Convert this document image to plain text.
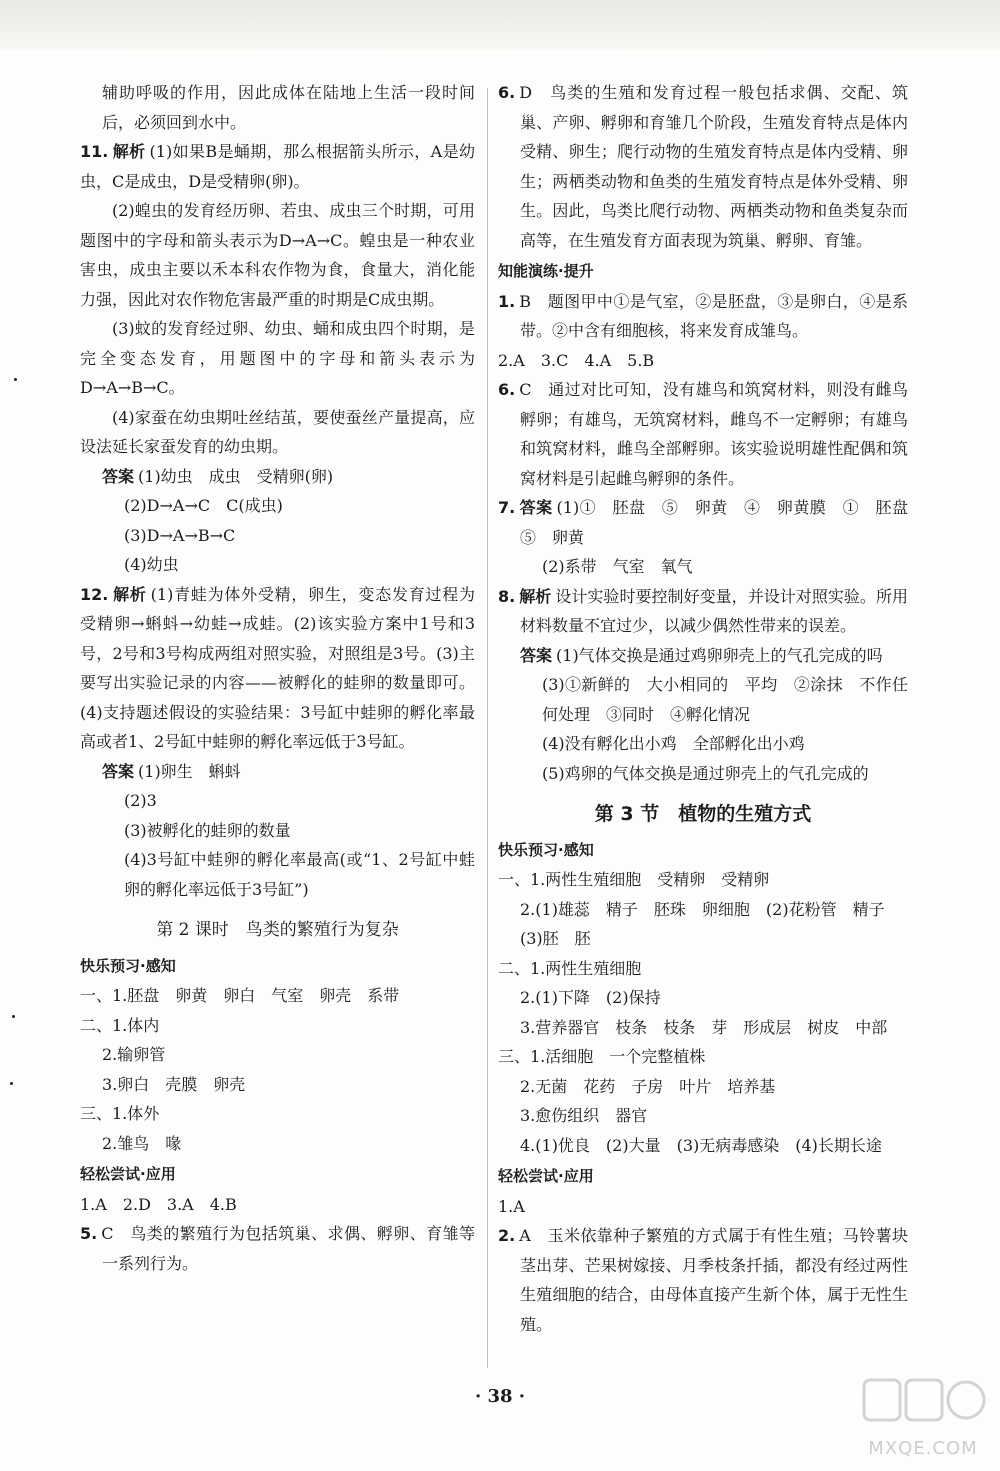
辅助呼吸的作用，因此成体在陆地上生活一段时间后，必须回到水中。

11. 解析 (1)如果B是蛹期，那么根据箭头所示，A是幼虫，C是成虫，D是受精卵(卵)。

(2)蝗虫的发育经历卵、若虫、成虫三个时期，可用题图中的字母和箭头表示为D→A→C。蝗虫是一种农业害虫，成虫主要以禾本科农作物为食，食量大，消化能力强，因此对农作物危害最严重的时期是C成虫期。

(3)蚊的发育经过卵、幼虫、蛹和成虫四个时期，是完全变态发育，用题图中的字母和箭头表示为D→A→B→C。

(4)家蚕在幼虫期吐丝结茧，要使蚕丝产量提高，应设法延长家蚕发育的幼虫期。

答案 (1)幼虫　成虫　受精卵(卵)

(2)D→A→C　C(成虫)

(3)D→A→B→C

(4)幼虫

12. 解析 (1)青蛙为体外受精，卵生，变态发育过程为受精卵→蝌蚪→幼蛙→成蛙。(2)该实验方案中1号和3号，2号和3号构成两组对照实验，对照组是3号。(3)主要写出实验记录的内容——被孵化的蛙卵的数量即可。(4)支持题述假设的实验结果：3号缸中蛙卵的孵化率最高或者1、2号缸中蛙卵的孵化率远低于3号缸。

答案 (1)卵生　蝌蚪

(2)3

(3)被孵化的蛙卵的数量

(4)3号缸中蛙卵的孵化率最高(或“1、2号缸中蛙卵的孵化率远低于3号缸”)

第 2 课时　鸟类的繁殖行为复杂

快乐预习·感知

一、1.胚盘　卵黄　卵白　气室　卵壳　系带

二、1.体内

2.输卵管

3.卵白　壳膜　卵壳

三、1.体外

2.雏鸟　喙

轻松尝试·应用

1.A　2.D　3.A　4.B

5. C　鸟类的繁殖行为包括筑巢、求偶、孵卵、育雏等一系列行为。

6. D　鸟类的生殖和发育过程一般包括求偶、交配、筑巢、产卵、孵卵和育雏几个阶段，生殖发育特点是体内受精、卵生；爬行动物的生殖发育特点是体内受精、卵生；两栖类动物和鱼类的生殖发育特点是体外受精、卵生。因此，鸟类比爬行动物、两栖类动物和鱼类复杂而高等，在生殖发育方面表现为筑巢、孵卵、育雏。

知能演练·提升

1. B　题图甲中①是气室，②是胚盘，③是卵白，④是系带。②中含有细胞核，将来发育成雏鸟。

2.A　3.C　4.A　5.B

6. C　通过对比可知，没有雄鸟和筑窝材料，则没有雌鸟孵卵；有雄鸟，无筑窝材料，雌鸟不一定孵卵；有雄鸟和筑窝材料，雌鸟全部孵卵。该实验说明雄性配偶和筑窝材料是引起雌鸟孵卵的条件。

7. 答案 (1)①　胚盘　⑤　卵黄　④　卵黄膜　①　胚盘　⑤　卵黄

(2)系带　气室　氧气

8. 解析 设计实验时要控制好变量，并设计对照实验。所用材料数量不宜过少，以减少偶然性带来的误差。

答案 (1)气体交换是通过鸡卵卵壳上的气孔完成的吗

(3)①新鲜的　大小相同的　平均　②涂抹　不作任何处理　③同时　④孵化情况

(4)没有孵化出小鸡　全部孵化出小鸡

(5)鸡卵的气体交换是通过卵壳上的气孔完成的

第 3 节　植物的生殖方式

快乐预习·感知

一、1.两性生殖细胞　受精卵　受精卵

2.(1)雄蕊　精子　胚珠　卵细胞　(2)花粉管　精子

(3)胚　胚

二、1.两性生殖细胞

2.(1)下降　(2)保持

3.营养器官　枝条　枝条　芽　形成层　树皮　中部

三、1.活细胞　一个完整植株

2.无菌　花药　子房　叶片　培养基

3.愈伤组织　器官

4.(1)优良　(2)大量　(3)无病毒感染　(4)长期长途

轻松尝试·应用

1.A

2. A　玉米依靠种子繁殖的方式属于有性生殖；马铃薯块茎出芽、芒果树嫁接、月季枝条扦插，都没有经过两性生殖细胞的结合，由母体直接产生新个体，属于无性生殖。

· 38 ·
MXQE.COM
